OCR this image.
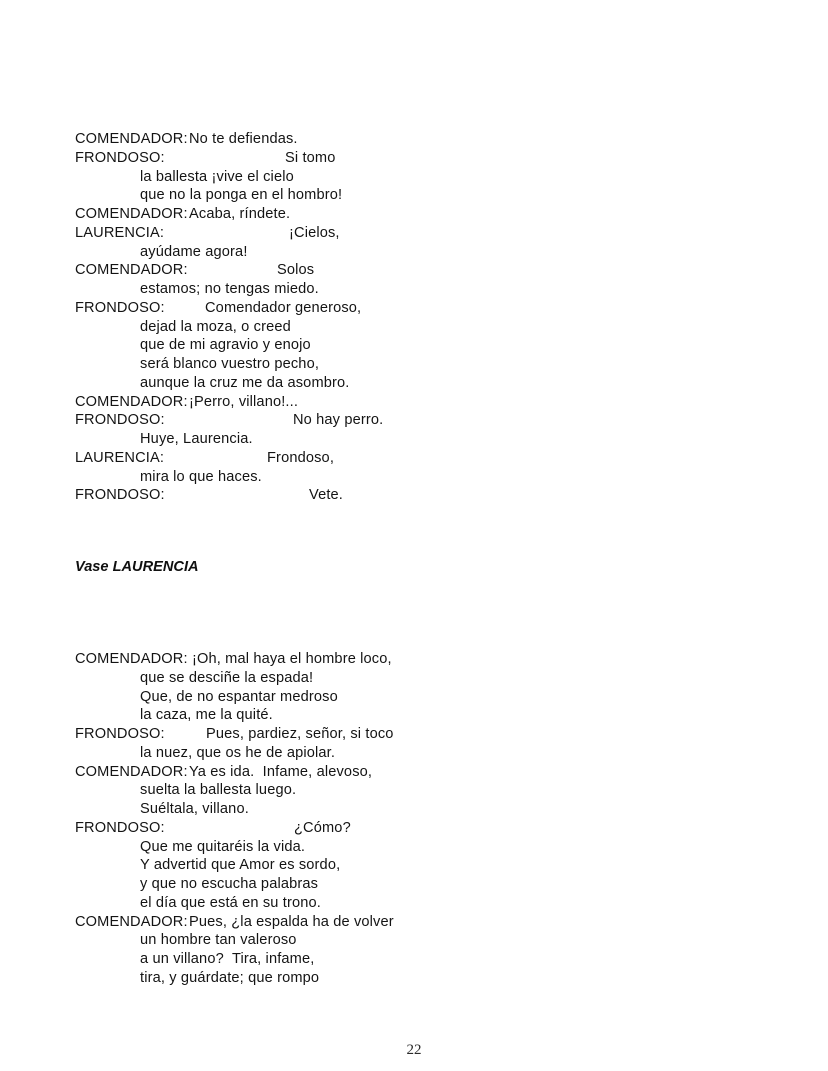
COMENDADOR:No te defiendas.
FRONDOSO:	Si tomo
la ballesta ¡vive el cielo
que no la ponga en el hombro!
COMENDADOR:Acaba, ríndete.
LAURENCIA:	¡Cielos,
ayúdame agora!
COMENDADOR:	Solos
estamos; no tengas miedo.
FRONDOSO:	Comendador generoso,
dejad la moza, o creed
que de mi agravio y enojo
será blanco vuestro pecho,
aunque la cruz me da asombro.
COMENDADOR:¡Perro, villano!...
FRONDOSO:	No hay perro.
Huye, Laurencia.
LAURENCIA:	Frondoso,
mira lo que haces.
FRONDOSO:	Vete.
Vase LAURENCIA
COMENDADOR: ¡Oh, mal haya el hombre loco,
que se desciñe la espada!
Que, de no espantar medroso
la caza, me la quité.
FRONDOSO:	Pues, pardiez, señor, si toco
la nuez, que os he de apiolar.
COMENDADOR:Ya es ida.  Infame, alevoso,
suelta la ballesta luego.
Suéltala, villano.
FRONDOSO:	¿Cómo?
Que me quitaréis la vida.
Y advertid que Amor es sordo,
y que no escucha palabras
el día que está en su trono.
COMENDADOR:Pues, ¿la espalda ha de volver
un hombre tan valeroso
a un villano?  Tira, infame,
tira, y guárdate; que rompo
22
